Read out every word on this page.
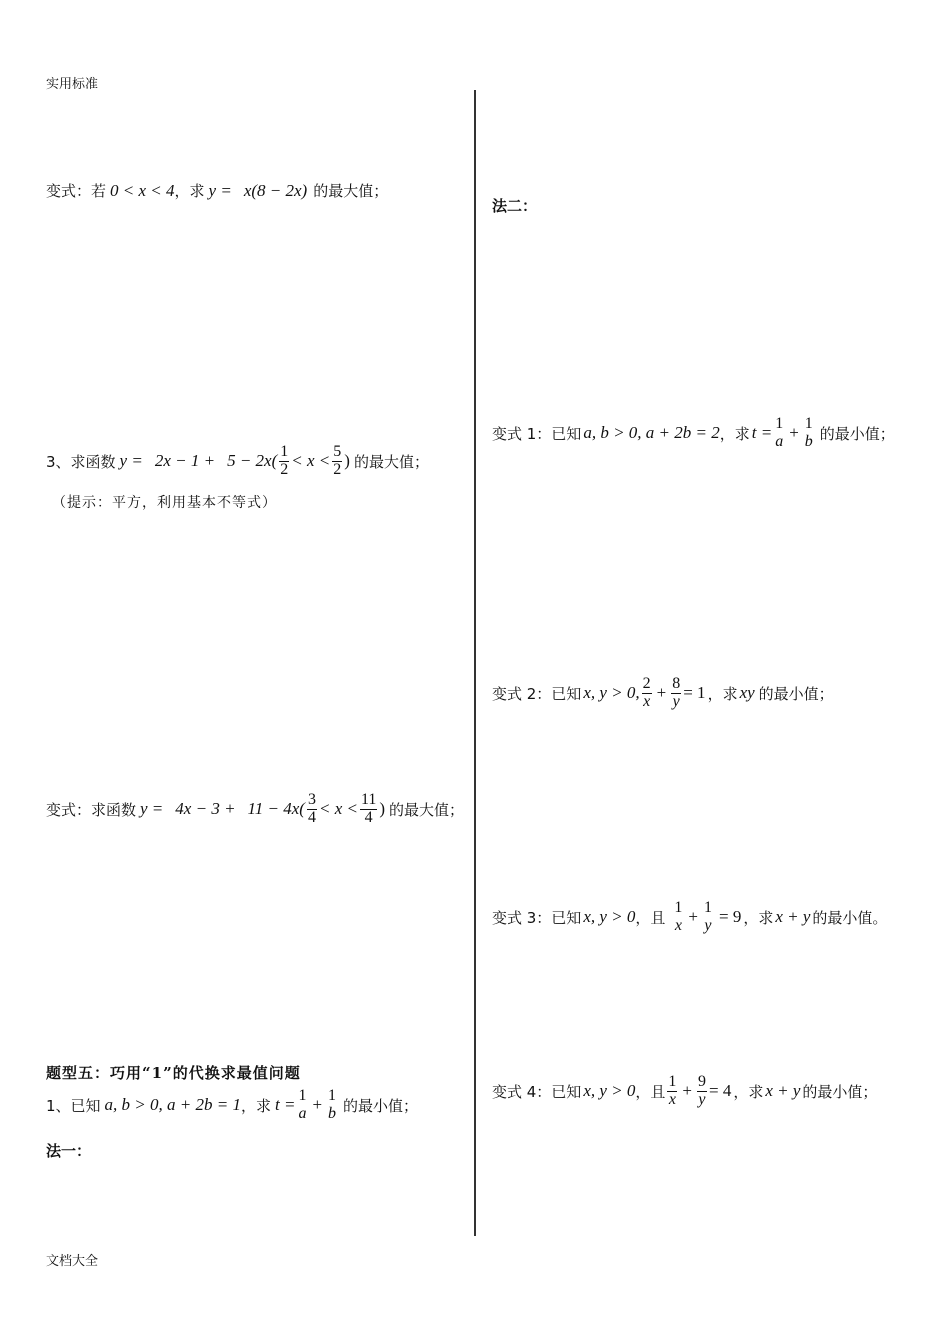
实用标准
变式：若 0 < x < 4 ，求 y = x(8 − 2x) 的最大值；
3、求函数 $y = 2x - 1 + 5 - 2x( \frac{1}{2} < x < \frac{5}{2}$ ) 的最大值；
（提示：平方，利用基本不等式）
变式：求函数 $y = 4x - 3 + 11 - 4x( \frac{3}{4} < x < \frac{11}{4}$ ) 的最大值；
题型五：巧用“1”的代换求最值问题
1、已知 a, b > 0, a + 2b = 1 ，求 $t = \frac{1}{a} + \frac{1}{b}$ 的最小值；
法一：
法二：
变式 1：已知 a, b > 0, a + 2b = 2 ，求 $t = \frac{1}{a} + \frac{1}{b}$ 的最小值；
变式 2：已知 x, y > 0, $\frac{2}{x} + \frac{8}{y} = 1$ ，求 xy 的最小值；
变式 3：已知 x, y > 0 ，且 $\frac{1}{x} + \frac{1}{y} = 9$ ，求 x + y 的最小值。
变式 4：已知 x, y > 0 ，且 $\frac{1}{x} + \frac{9}{y} = 4$ ，求 x + y 的最小值；
文档大全
